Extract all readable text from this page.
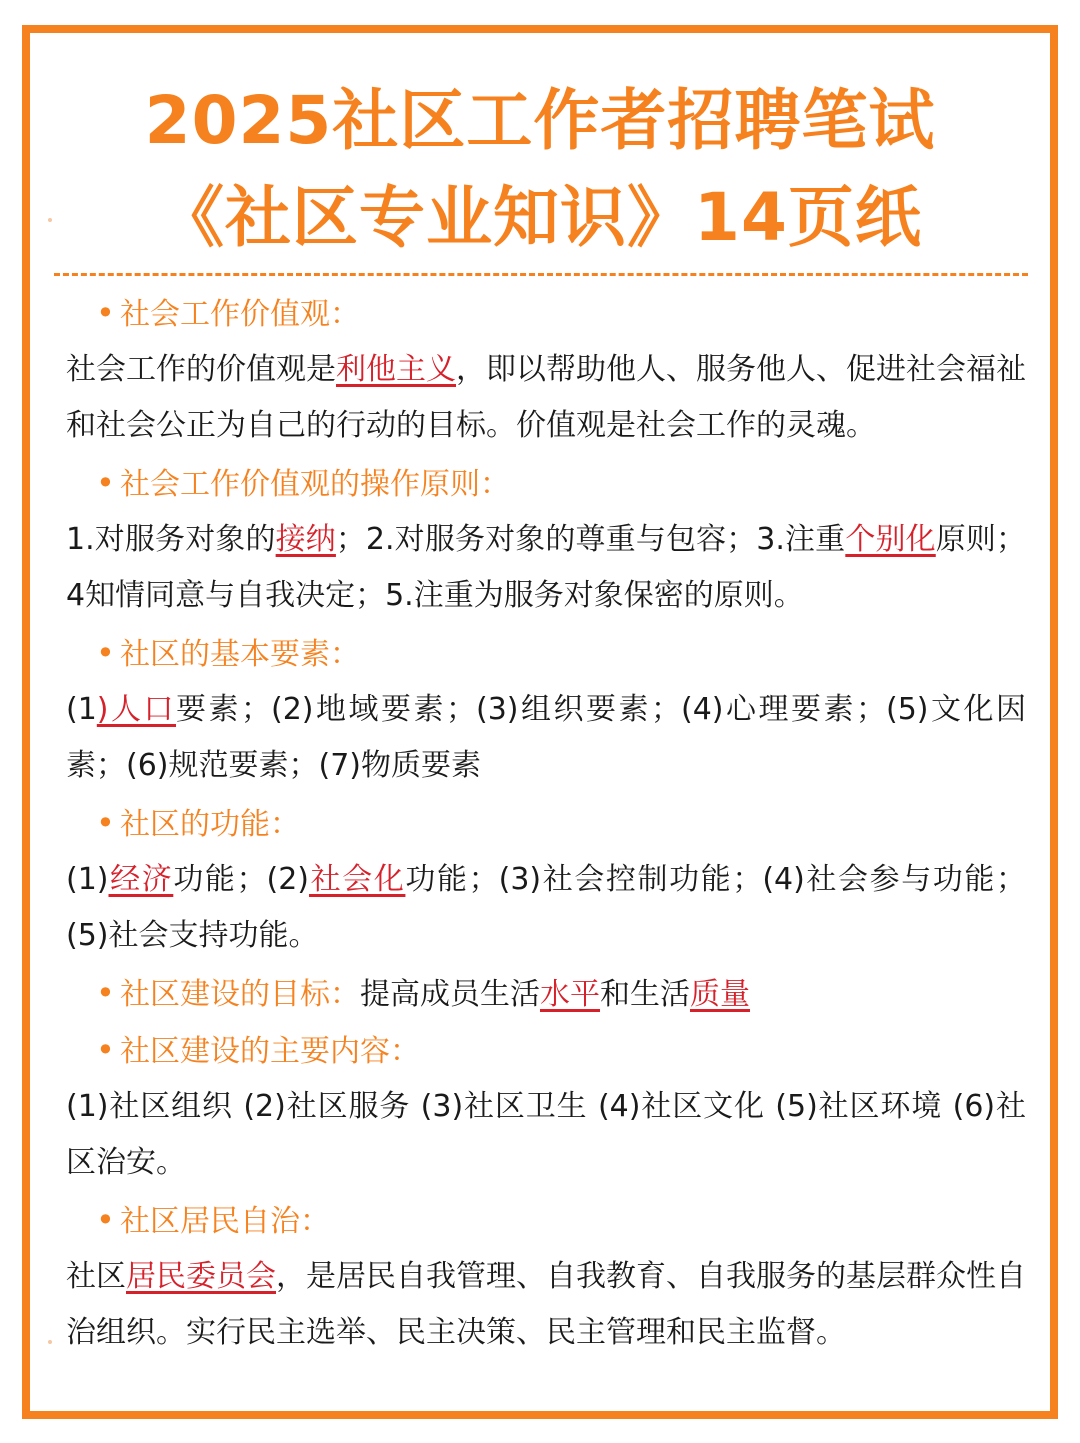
2025社区工作者招聘笔试
《社区专业知识》14页纸
• 社会工作价值观：
社会工作的价值观是利他主义，即以帮助他人、服务他人、促进社会福祉和社会公正为自己的行动的目标。价值观是社会工作的灵魂。
• 社会工作价值观的操作原则：
1.对服务对象的接纳；2.对服务对象的尊重与包容；3.注重个别化原则；4知情同意与自我决定；5.注重为服务对象保密的原则。
• 社区的基本要素：
(1)人口要素；(2)地域要素；(3)组织要素；(4)心理要素；(5)文化因素；(6)规范要素；(7)物质要素
• 社区的功能：
(1)经济功能；(2)社会化功能；(3)社会控制功能；(4)社会参与功能；(5)社会支持功能。
• 社区建设的目标：提高成员生活水平和生活质量
• 社区建设的主要内容：
(1)社区组织 (2)社区服务 (3)社区卫生 (4)社区文化 (5)社区环境 (6)社区治安。
• 社区居民自治：
社区居民委员会，是居民自我管理、自我教育、自我服务的基层群众性自治组织。实行民主选举、民主决策、民主管理和民主监督。
